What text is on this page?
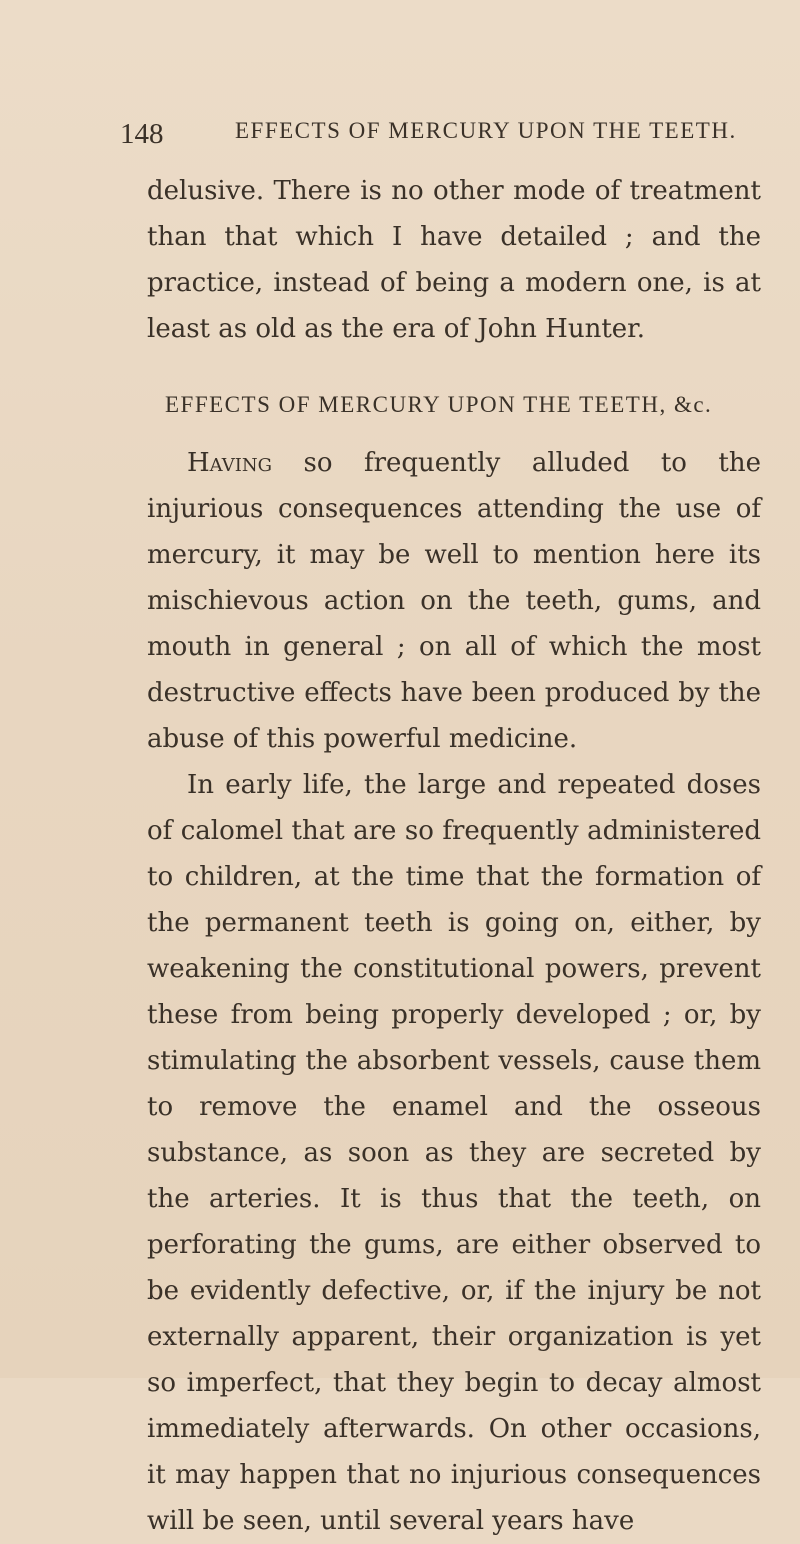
148	EFFECTS OF MERCURY UPON THE TEETH.

delusive. There is no other mode of treatment than that which I have detailed ; and the practice, instead of being a modern one, is at least as old as the era of John Hunter.

EFFECTS OF MERCURY UPON THE TEETH, &c.

Having so frequently alluded to the injurious consequences attending the use of mercury, it may be well to mention here its mischievous action on the teeth, gums, and mouth in general ; on all of which the most destructive effects have been produced by the abuse of this powerful medicine.

In early life, the large and repeated doses of calomel that are so frequently administered to children, at the time that the formation of the permanent teeth is going on, either, by weakening the constitutional powers, prevent these from being properly developed ; or, by stimulating the absorbent vessels, cause them to remove the enamel and the osseous substance, as soon as they are secreted by the arteries. It is thus that the teeth, on perforating the gums, are either observed to be evidently defective, or, if the injury be not externally apparent, their organization is yet so imperfect, that they begin to decay almost immediately afterwards. On other occasions, it may happen that no injurious consequences will be seen, until several years have
